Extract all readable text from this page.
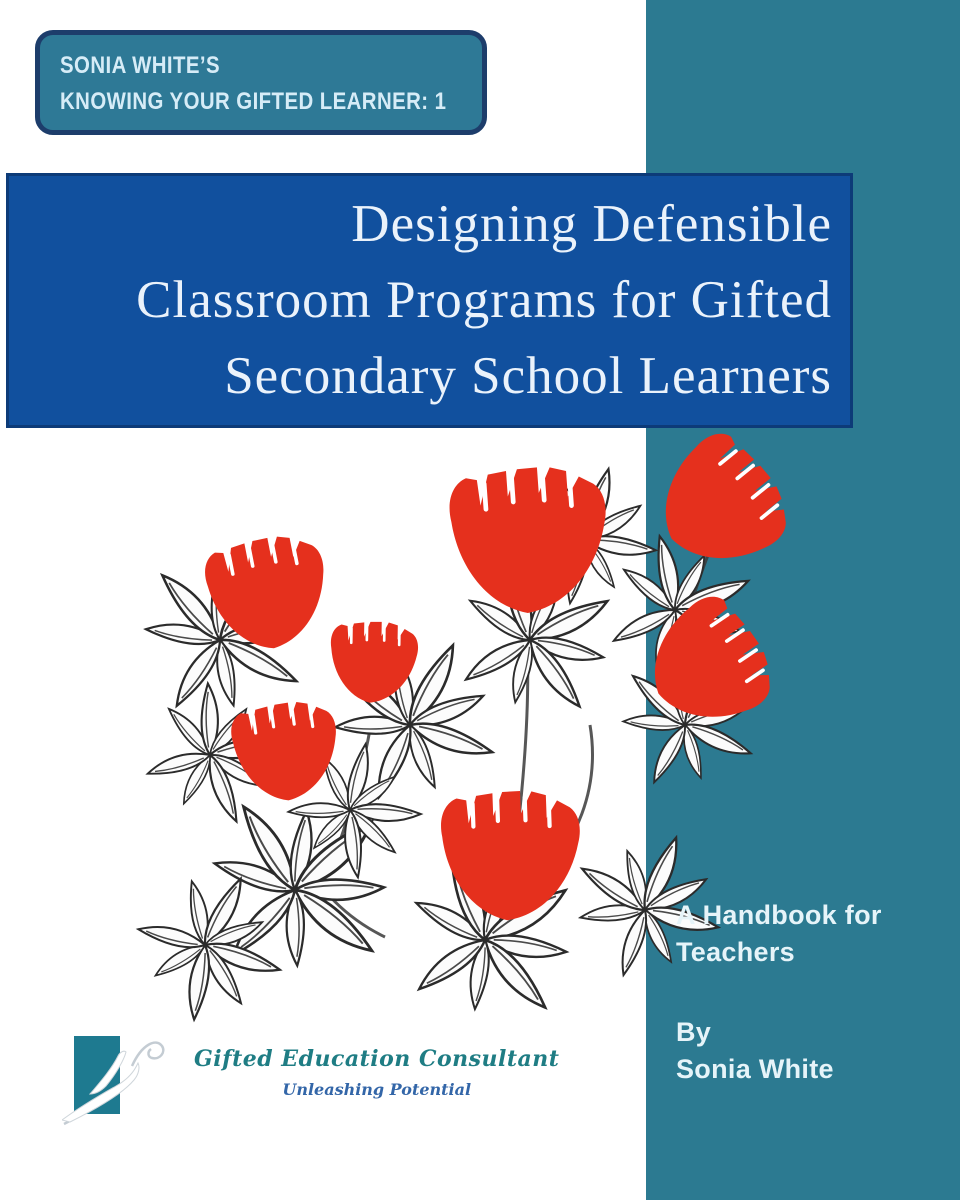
SONIA WHITE’S
KNOWING YOUR GIFTED LEARNER: 1
Designing Defensible
Classroom Programs for Gifted
Secondary School Learners
A Handbook for
Teachers
By
Sonia White
Gifted Education Consultant
Unleashing Potential
